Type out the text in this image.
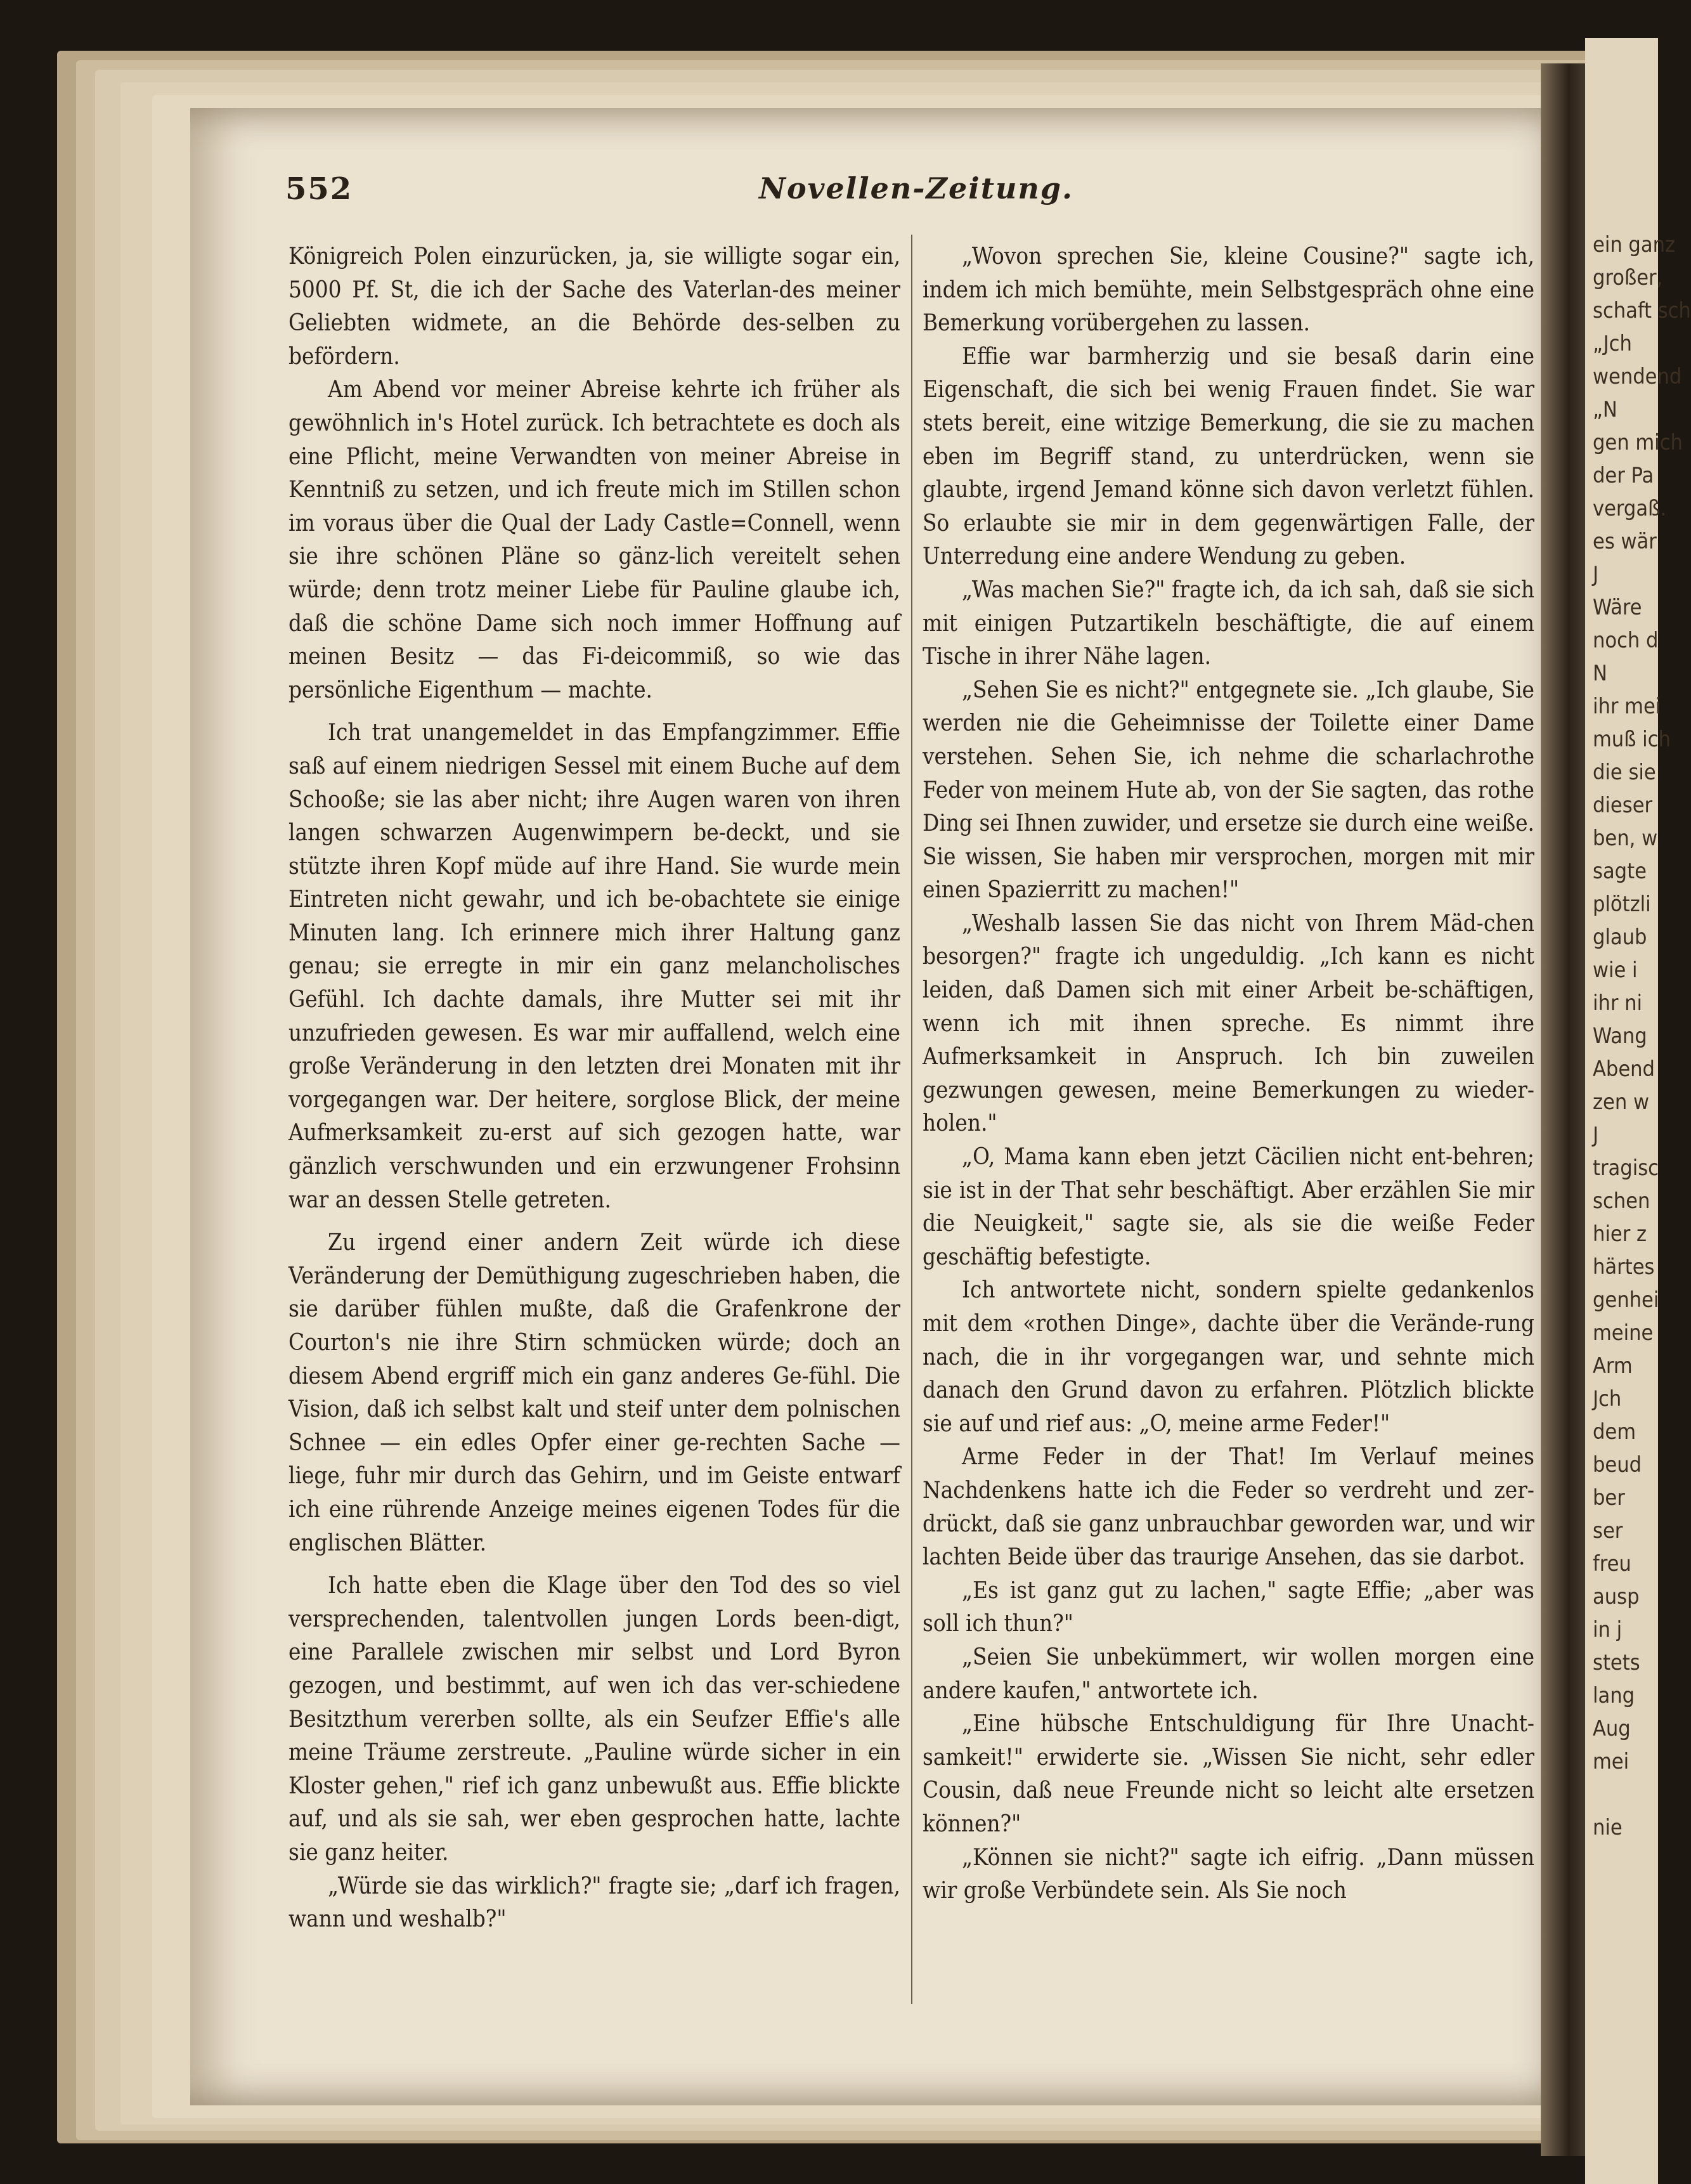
552	Novellen-Zeitung.

Königreich Polen einzurücken, ja, sie willigte sogar ein, 5000 Pf. St, die ich der Sache des Vaterlan-des meiner Geliebten widmete, an die Behörde des-selben zu befördern.

Am Abend vor meiner Abreise kehrte ich früher als gewöhnlich in's Hotel zurück. Ich betrachtete es doch als eine Pflicht, meine Verwandten von meiner Abreise in Kenntniß zu setzen, und ich freute mich im Stillen schon im voraus über die Qual der Lady Castle=Connell, wenn sie ihre schönen Pläne so gänz-lich vereitelt sehen würde; denn trotz meiner Liebe für Pauline glaube ich, daß die schöne Dame sich noch immer Hoffnung auf meinen Besitz — das Fi-deicommiß, so wie das persönliche Eigenthum — machte.

Ich trat unangemeldet in das Empfangzimmer. Effie saß auf einem niedrigen Sessel mit einem Buche auf dem Schooße; sie las aber nicht; ihre Augen waren von ihren langen schwarzen Augenwimpern be-deckt, und sie stützte ihren Kopf müde auf ihre Hand. Sie wurde mein Eintreten nicht gewahr, und ich be-obachtete sie einige Minuten lang. Ich erinnere mich ihrer Haltung ganz genau; sie erregte in mir ein ganz melancholisches Gefühl. Ich dachte damals, ihre Mutter sei mit ihr unzufrieden gewesen. Es war mir auffallend, welch eine große Veränderung in den letzten drei Monaten mit ihr vorgegangen war. Der heitere, sorglose Blick, der meine Aufmerksamkeit zu-erst auf sich gezogen hatte, war gänzlich verschwunden und ein erzwungener Frohsinn war an dessen Stelle getreten.

Zu irgend einer andern Zeit würde ich diese Veränderung der Demüthigung zugeschrieben haben, die sie darüber fühlen mußte, daß die Grafenkrone der Courton's nie ihre Stirn schmücken würde; doch an diesem Abend ergriff mich ein ganz anderes Ge-fühl. Die Vision, daß ich selbst kalt und steif unter dem polnischen Schnee — ein edles Opfer einer ge-rechten Sache — liege, fuhr mir durch das Gehirn, und im Geiste entwarf ich eine rührende Anzeige meines eigenen Todes für die englischen Blätter.

Ich hatte eben die Klage über den Tod des so viel versprechenden, talentvollen jungen Lords been-digt, eine Parallele zwischen mir selbst und Lord Byron gezogen, und bestimmt, auf wen ich das ver-schiedene Besitzthum vererben sollte, als ein Seufzer Effie's alle meine Träume zerstreute. „Pauline würde sicher in ein Kloster gehen," rief ich ganz unbewußt aus. Effie blickte auf, und als sie sah, wer eben gesprochen hatte, lachte sie ganz heiter.

„Würde sie das wirklich?" fragte sie; „darf ich fragen, wann und weshalb?"

„Wovon sprechen Sie, kleine Cousine?" sagte ich, indem ich mich bemühte, mein Selbstgespräch ohne eine Bemerkung vorübergehen zu lassen.

Effie war barmherzig und sie besaß darin eine Eigenschaft, die sich bei wenig Frauen findet. Sie war stets bereit, eine witzige Bemerkung, die sie zu machen eben im Begriff stand, zu unterdrücken, wenn sie glaubte, irgend Jemand könne sich davon verletzt fühlen. So erlaubte sie mir in dem gegenwärtigen Falle, der Unterredung eine andere Wendung zu geben.

„Was machen Sie?" fragte ich, da ich sah, daß sie sich mit einigen Putzartikeln beschäftigte, die auf einem Tische in ihrer Nähe lagen.

„Sehen Sie es nicht?" entgegnete sie. „Ich glaube, Sie werden nie die Geheimnisse der Toilette einer Dame verstehen. Sehen Sie, ich nehme die scharlachrothe Feder von meinem Hute ab, von der Sie sagten, das rothe Ding sei Ihnen zuwider, und ersetze sie durch eine weiße. Sie wissen, Sie haben mir versprochen, morgen mit mir einen Spazierritt zu machen!"

„Weshalb lassen Sie das nicht von Ihrem Mäd-chen besorgen?" fragte ich ungeduldig. „Ich kann es nicht leiden, daß Damen sich mit einer Arbeit be-schäftigen, wenn ich mit ihnen spreche. Es nimmt ihre Aufmerksamkeit in Anspruch. Ich bin zuweilen gezwungen gewesen, meine Bemerkungen zu wieder-holen."

„O, Mama kann eben jetzt Cäcilien nicht ent-behren; sie ist in der That sehr beschäftigt. Aber erzählen Sie mir die Neuigkeit," sagte sie, als sie die weiße Feder geschäftig befestigte.

Ich antwortete nicht, sondern spielte gedankenlos mit dem «rothen Dinge», dachte über die Verände-rung nach, die in ihr vorgegangen war, und sehnte mich danach den Grund davon zu erfahren. Plötzlich blickte sie auf und rief aus: „O, meine arme Feder!"

Arme Feder in der That! Im Verlauf meines Nachdenkens hatte ich die Feder so verdreht und zer-drückt, daß sie ganz unbrauchbar geworden war, und wir lachten Beide über das traurige Ansehen, das sie darbot.

„Es ist ganz gut zu lachen," sagte Effie; „aber was soll ich thun?"

„Seien Sie unbekümmert, wir wollen morgen eine andere kaufen," antwortete ich.

„Eine hübsche Entschuldigung für Ihre Unacht-samkeit!" erwiderte sie. „Wissen Sie nicht, sehr edler Cousin, daß neue Freunde nicht so leicht alte ersetzen können?"

„Können sie nicht?" sagte ich eifrig. „Dann müssen wir große Verbündete sein. Als Sie noch

ein ganz
großer,
schaft sch
„Jch
wendend
„N
gen mich
der Pa
vergaß.
es wär
J
Wäre
noch d
N
ihr mei
muß ich
die sie
dieser
ben, w
sagte
plötzli
glaub
wie i
ihr ni
Wang
Abend
zen w
J
tragisc
schen
hier z
härtes
genhei
meine
Arm
Jch
dem
beud
ber
ser
freu
ausp
in j
stets
lang
Aug
mei

nie
